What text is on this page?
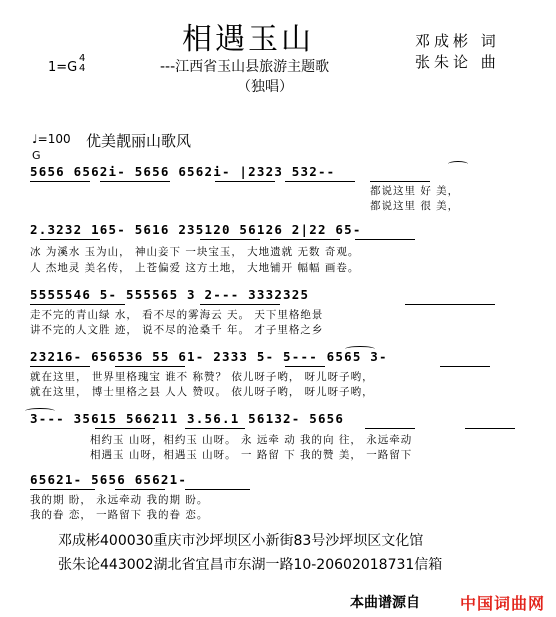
相遇玉山
---江西省玉山县旅游主题歌
（独唱）
邓成彬 词
张朱论 曲
1=G
4
4
♩=100 优美靓丽山歌风
G
5656 6562i- 5656 6562i- |2323 532--
都说这里 好 美，
都说这里 很 美，
2.3232 165- 5616 235120 56126 2|22 65-
冰 为溪水 玉为山， 神山妾下 一块宝玉， 大地遗就 无数 奇观。
人 杰地灵 美名传， 上苍偏爱 这方土地， 大地铺开 幅幅 画卷。
5555546 5- 555565 3 2--- 3332325
走不完的青山绿 水， 看不尽的雾海云 天。 天下里格绝景
讲不完的人文胜 迹， 说不尽的沧桑千 年。 才子里格之乡
23216- 656536 55 61- 2333 5- 5--- 6565 3-
就在这里， 世界里格瑰宝 谁不 称赞？ 依儿呀子哟， 呀儿呀子哟，
就在这里， 博士里格之县 人人 赞叹。 依儿呀子哟， 呀儿呀子哟，
3--- 35615 566211 3.56.1 56132- 5656
相约玉 山呀，相约玉 山呀。 永 远牵 动 我的向 往， 永远牵动
相遇玉 山呀，相遇玉 山呀。 一 路留 下 我的赞 美， 一路留下
65621- 5656 65621-
我的期 盼， 永远牵动 我的期 盼。
我的眷 恋， 一路留下 我的眷 恋。
邓成彬400030重庆市沙坪坝区小新街83号沙坪坝区文化馆
张朱论443002湖北省宜昌市东湖一路10-20602018731信箱
本曲谱源自	中国词曲网
